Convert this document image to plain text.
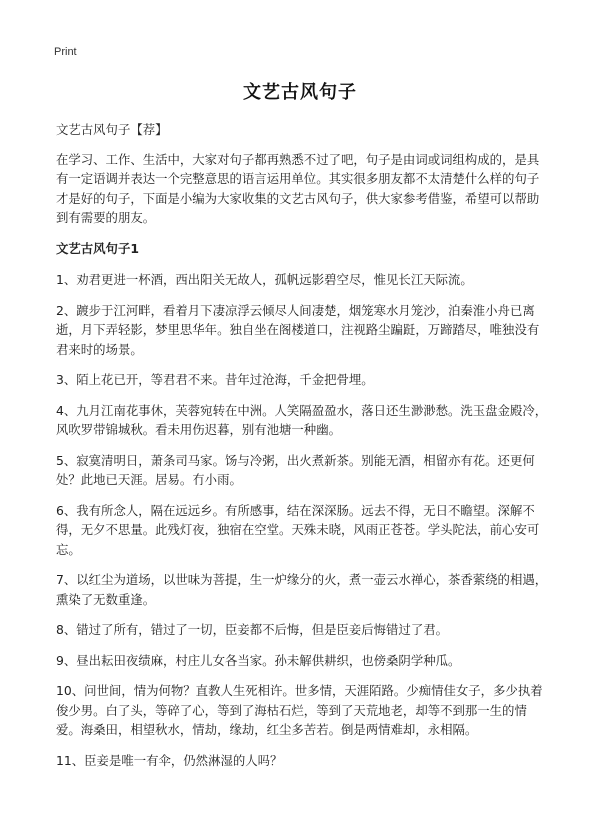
Print
文艺古风句子

文艺古风句子【荐】

在学习、工作、生活中，大家对句子都再熟悉不过了吧，句子是由词或词组构成的，是具有一定语调并表达一个完整意思的语言运用单位。其实很多朋友都不太清楚什么样的句子才是好的句子，下面是小编为大家收集的文艺古风句子，供大家参考借鉴，希望可以帮助到有需要的朋友。

文艺古风句子1

1、劝君更进一杯酒，西出阳关无故人，孤帆远影碧空尽，惟见长江天际流。

2、踱步于江河畔，看着月下凄凉浮云倾尽人间凄楚，烟笼寒水月笼沙，泊秦淮小舟已离逝，月下弄轻影，梦里思华年。独自坐在阁楼道口，注视路尘蹁跹，万蹄踏尽，唯独没有君来时的场景。

3、陌上花已开，等君君不来。昔年过沧海，千金把骨埋。

4、九月江南花事休，芙蓉宛转在中洲。人笑隔盈盈水，落日还生渺渺愁。洗玉盘金殿冷，风吹罗带锦城秋。看未用伤迟暮，别有池塘一种幽。

5、寂寞清明日，萧条司马家。饧与冷粥，出火煮新茶。别能无酒，相留亦有花。还更何处？此地已天涯。居易。冇小雨。

6、我有所念人，隔在远远乡。有所感事，结在深深肠。远去不得，无日不瞻望。深解不得，无夕不思量。此残灯夜，独宿在空堂。天殊未晓，风雨正苍苍。学头陀法，前心安可忘。

7、以红尘为道场，以世味为菩提，生一炉缘分的火，煮一壶云水禅心，茶香萦绕的相遇，熏染了无数重逢。

8、错过了所有，错过了一切，臣妾都不后悔，但是臣妾后悔错过了君。

9、昼出耘田夜绩麻，村庄儿女各当家。孙未解供耕织，也傍桑阴学种瓜。

10、问世间，情为何物？直教人生死相许。世多情，天涯陌路。少痴情佳女子，多少执着俊少男。白了头，等碎了心，等到了海枯石烂，等到了天荒地老，却等不到那一生的情爱。海桑田，相望秋水，情劫，缘劫，红尘多苦若。倒是两情难却，永相隔。

11、臣妾是唯一有伞，仍然淋湿的人吗？
